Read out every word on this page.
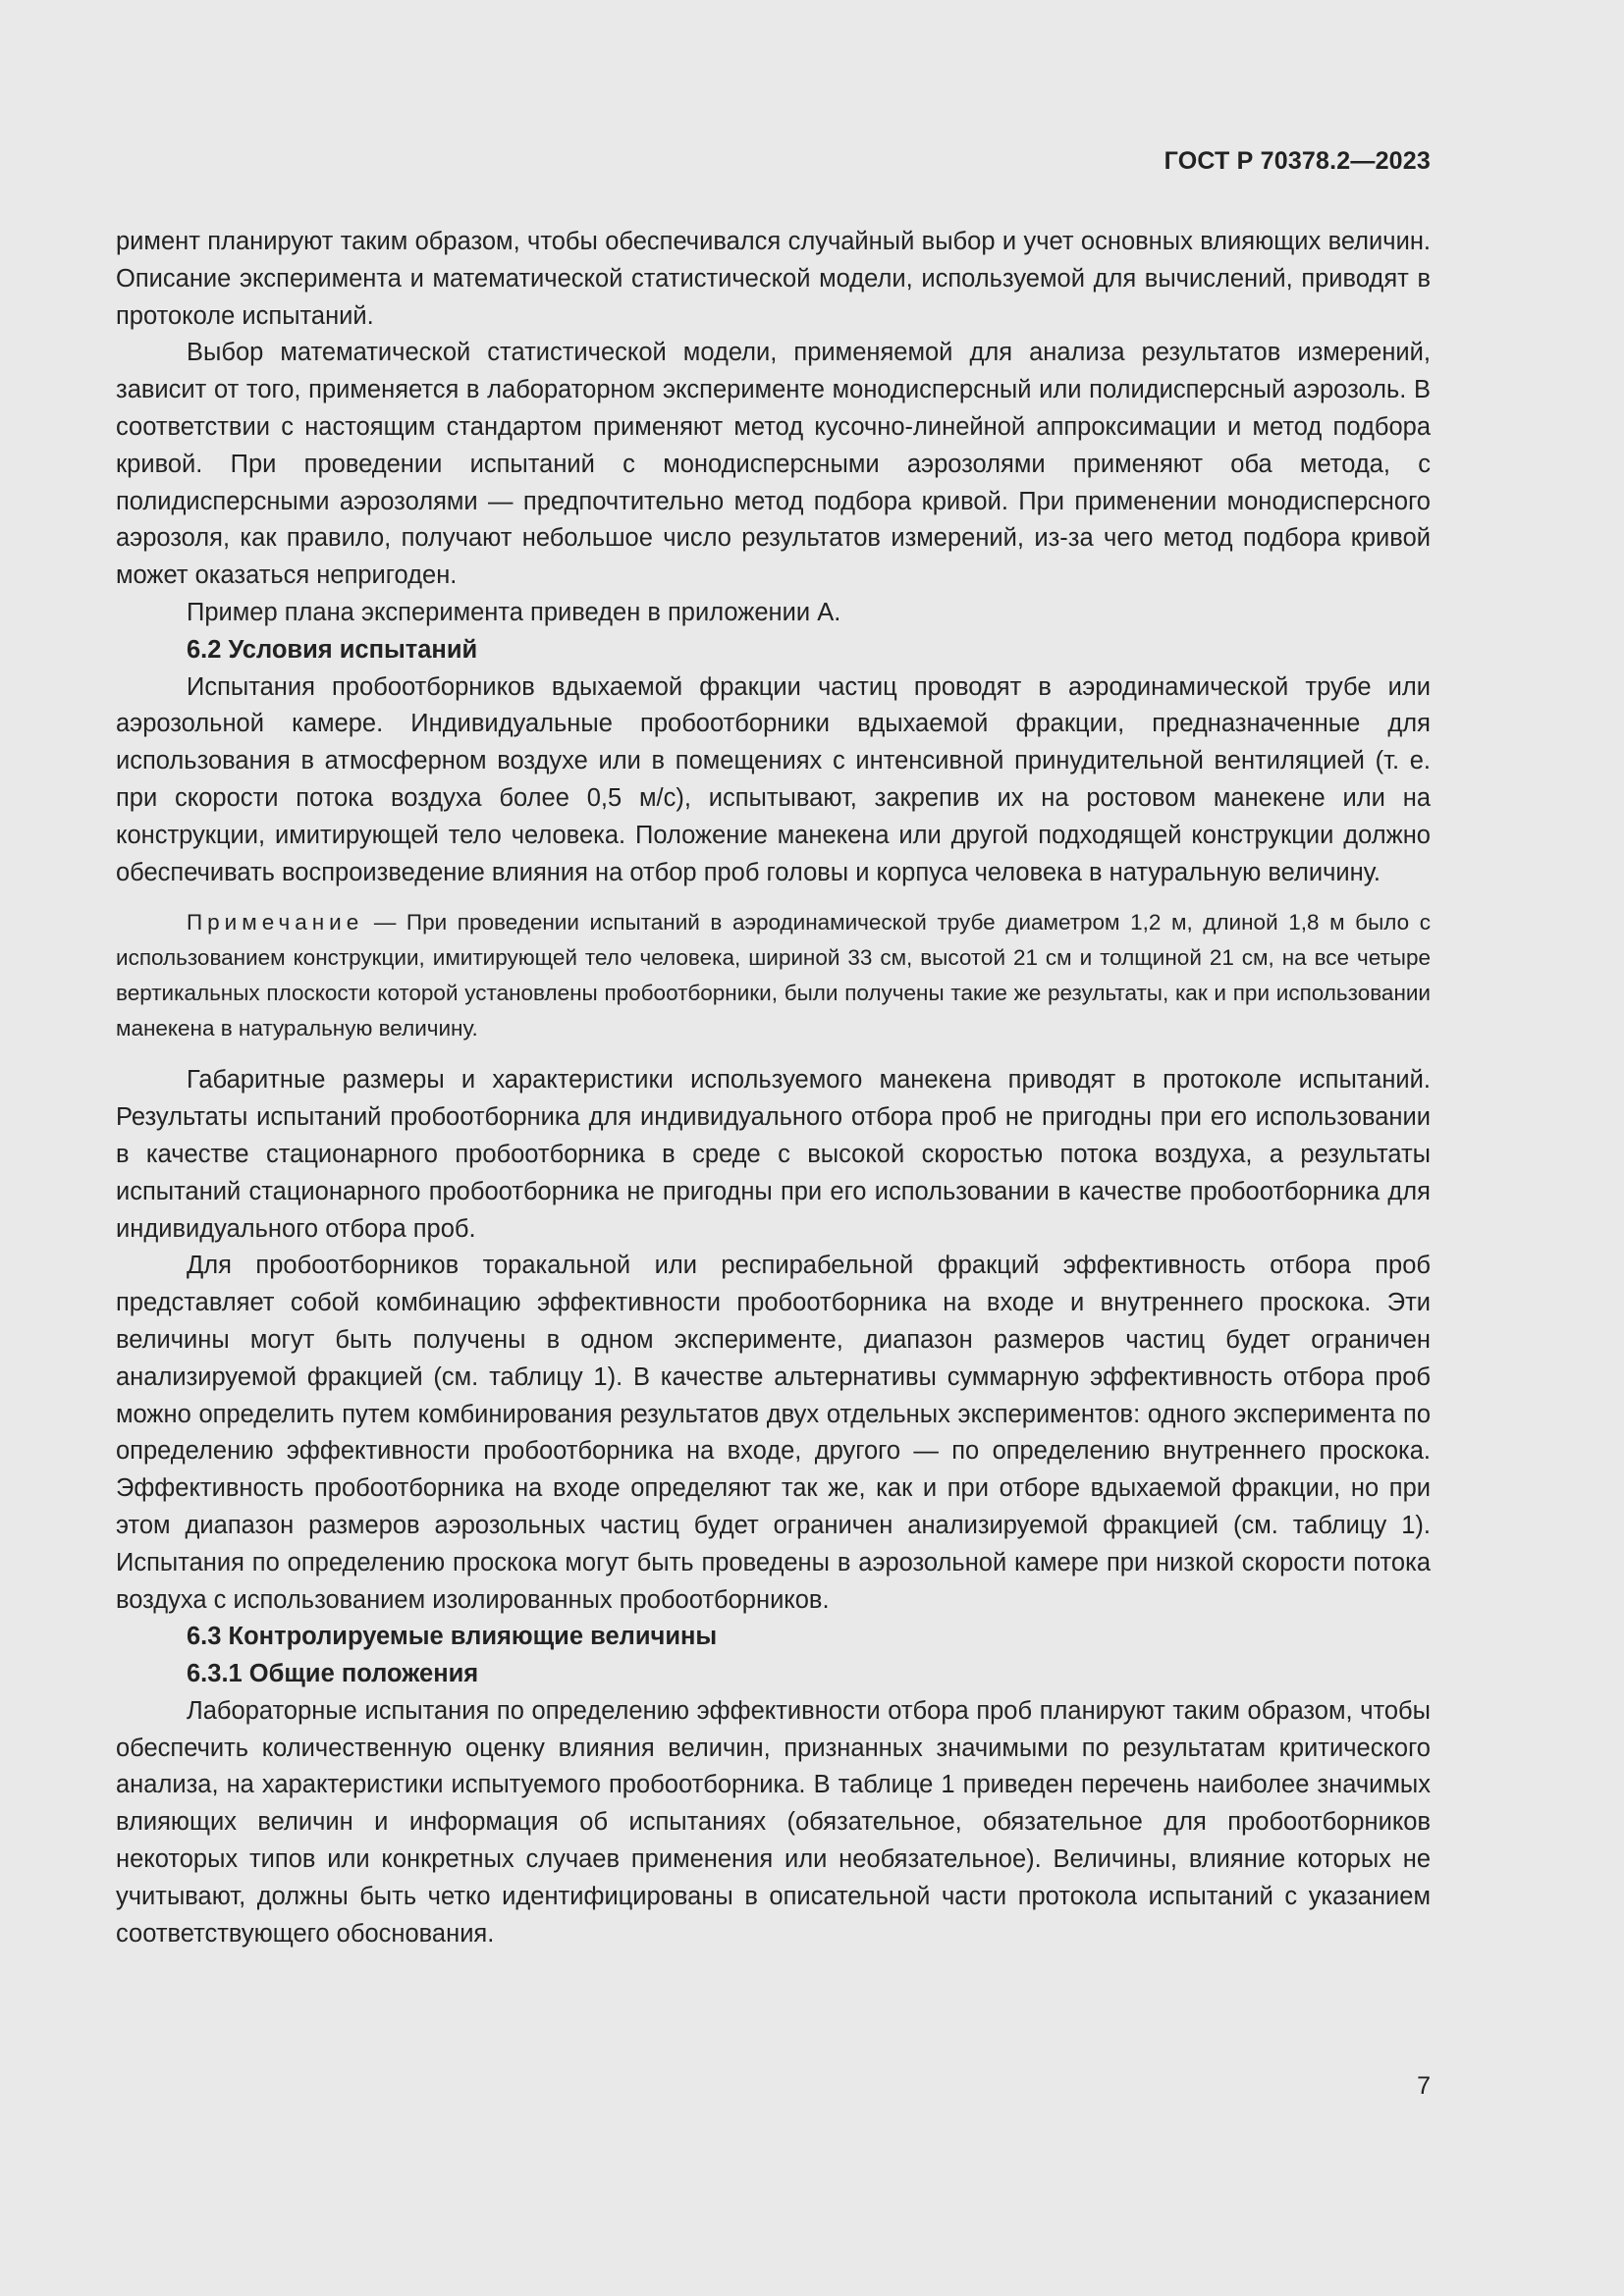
ГОСТ Р 70378.2—2023

римент планируют таким образом, чтобы обеспечивался случайный выбор и учет основных влияющих величин. Описание эксперимента и математической статистической модели, используемой для вычислений, приводят в протоколе испытаний.

Выбор математической статистической модели, применяемой для анализа результатов измерений, зависит от того, применяется в лабораторном эксперименте монодисперсный или полидисперсный аэрозоль. В соответствии с настоящим стандартом применяют метод кусочно-линейной аппроксимации и метод подбора кривой. При проведении испытаний с монодисперсными аэрозолями применяют оба метода, с полидисперсными аэрозолями — предпочтительно метод подбора кривой. При применении монодисперсного аэрозоля, как правило, получают небольшое число результатов измерений, из-за чего метод подбора кривой может оказаться непригоден.

Пример плана эксперимента приведен в приложении А.

6.2 Условия испытаний

Испытания пробоотборников вдыхаемой фракции частиц проводят в аэродинамической трубе или аэрозольной камере. Индивидуальные пробоотборники вдыхаемой фракции, предназначенные для использования в атмосферном воздухе или в помещениях с интенсивной принудительной вентиляцией (т. е. при скорости потока воздуха более 0,5 м/с), испытывают, закрепив их на ростовом манекене или на конструкции, имитирующей тело человека. Положение манекена или другой подходящей конструкции должно обеспечивать воспроизведение влияния на отбор проб головы и корпуса человека в натуральную величину.

Примечание — При проведении испытаний в аэродинамической трубе диаметром 1,2 м, длиной 1,8 м было с использованием конструкции, имитирующей тело человека, шириной 33 см, высотой 21 см и толщиной 21 см, на все четыре вертикальных плоскости которой установлены пробоотборники, были получены такие же результаты, как и при использовании манекена в натуральную величину.

Габаритные размеры и характеристики используемого манекена приводят в протоколе испытаний. Результаты испытаний пробоотборника для индивидуального отбора проб не пригодны при его использовании в качестве стационарного пробоотборника в среде с высокой скоростью потока воздуха, а результаты испытаний стационарного пробоотборника не пригодны при его использовании в качестве пробоотборника для индивидуального отбора проб.

Для пробоотборников торакальной или респирабельной фракций эффективность отбора проб представляет собой комбинацию эффективности пробоотборника на входе и внутреннего проскока. Эти величины могут быть получены в одном эксперименте, диапазон размеров частиц будет ограничен анализируемой фракцией (см. таблицу 1). В качестве альтернативы суммарную эффективность отбора проб можно определить путем комбинирования результатов двух отдельных экспериментов: одного эксперимента по определению эффективности пробоотборника на входе, другого — по определению внутреннего проскока. Эффективность пробоотборника на входе определяют так же, как и при отборе вдыхаемой фракции, но при этом диапазон размеров аэрозольных частиц будет ограничен анализируемой фракцией (см. таблицу 1). Испытания по определению проскока могут быть проведены в аэрозольной камере при низкой скорости потока воздуха с использованием изолированных пробоотборников.

6.3 Контролируемые влияющие величины

6.3.1 Общие положения

Лабораторные испытания по определению эффективности отбора проб планируют таким образом, чтобы обеспечить количественную оценку влияния величин, признанных значимыми по результатам критического анализа, на характеристики испытуемого пробоотборника. В таблице 1 приведен перечень наиболее значимых влияющих величин и информация об испытаниях (обязательное, обязательное для пробоотборников некоторых типов или конкретных случаев применения или необязательное). Величины, влияние которых не учитывают, должны быть четко идентифицированы в описательной части протокола испытаний с указанием соответствующего обоснования.

7
